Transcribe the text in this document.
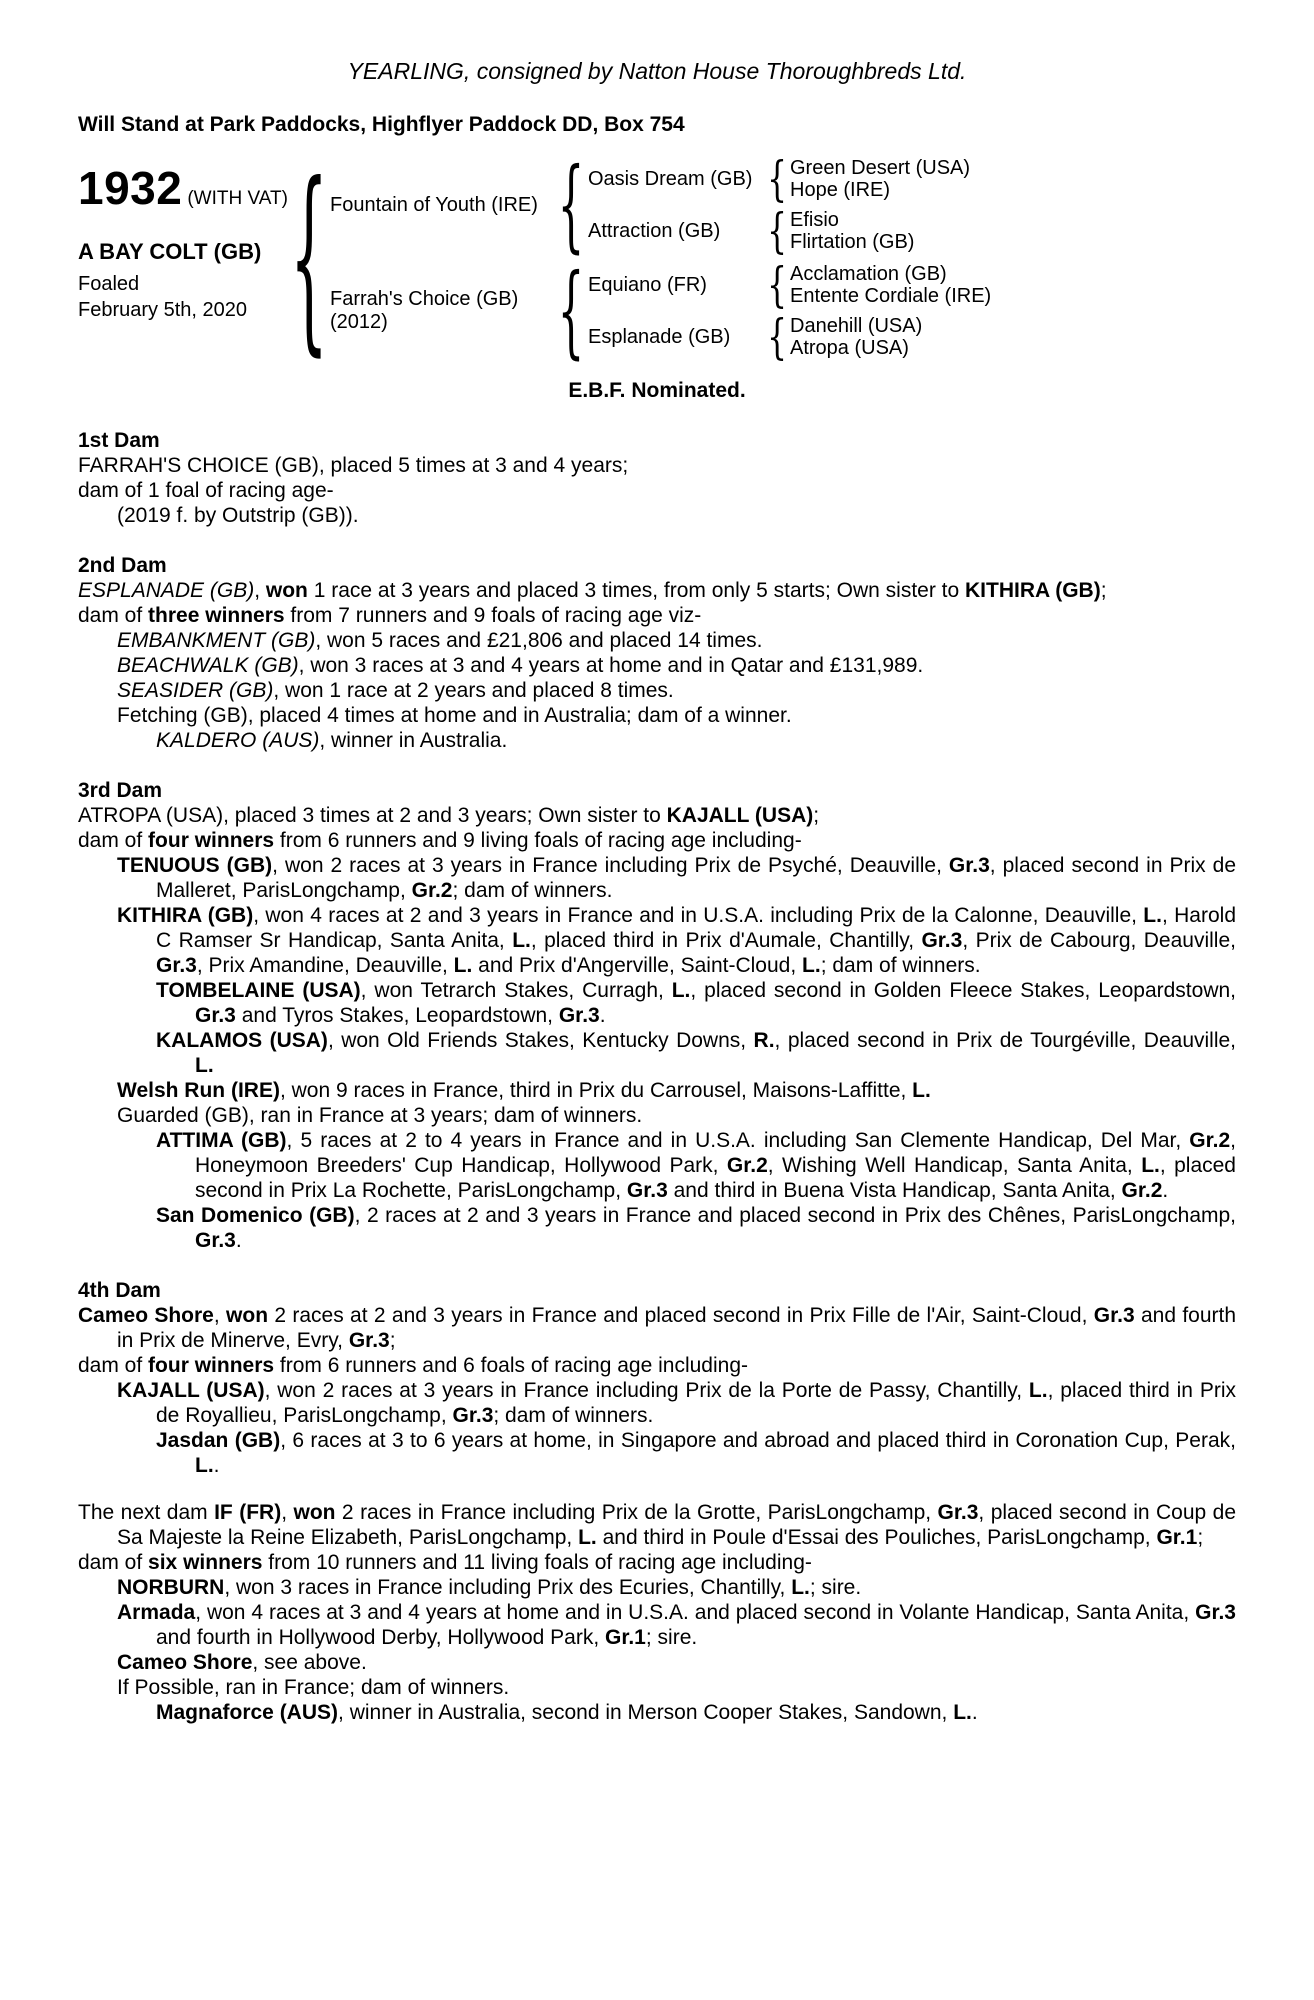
YEARLING, consigned by Natton House Thoroughbreds Ltd.
Will Stand at Park Paddocks, Highflyer Paddock DD, Box 754
1932 (WITH VAT)
A BAY COLT (GB)
Foaled
February 5th, 2020 { Fountain of Youth (IRE) { Oasis Dream (GB) { Green Desert (USA)
Hope (IRE)
Attraction (GB) { Efisio
Flirtation (GB)
Farrah's Choice (GB)
(2012)	{ Equiano (FR)	{ Acclamation (GB)
Entente Cordiale (IRE)
Esplanade (GB) { Danehill (USA)
Atropa (USA)
E.B.F. Nominated.
1st Dam

FARRAH'S CHOICE (GB), placed 5 times at 3 and 4 years;

dam of 1 foal of racing age-

(2019 f. by Outstrip (GB)).

2nd Dam

ESPLANADE (GB), won 1 race at 3 years and placed 3 times, from only 5 starts; Own sister to KITHIRA (GB);

dam of three winners from 7 runners and 9 foals of racing age viz-

EMBANKMENT (GB), won 5 races and £21,806 and placed 14 times.

BEACHWALK (GB), won 3 races at 3 and 4 years at home and in Qatar and £131,989.

SEASIDER (GB), won 1 race at 2 years and placed 8 times.

Fetching (GB), placed 4 times at home and in Australia; dam of a winner.

KALDERO (AUS), winner in Australia.

3rd Dam

ATROPA (USA), placed 3 times at 2 and 3 years; Own sister to KAJALL (USA);

dam of four winners from 6 runners and 9 living foals of racing age including-

TENUOUS (GB), won 2 races at 3 years in France including Prix de Psyché, Deauville, Gr.3, placed second in Prix de Malleret, ParisLongchamp, Gr.2; dam of winners.

KITHIRA (GB), won 4 races at 2 and 3 years in France and in U.S.A. including Prix de la Calonne, Deauville, L., Harold C Ramser Sr Handicap, Santa Anita, L., placed third in Prix d'Aumale, Chantilly, Gr.3, Prix de Cabourg, Deauville, Gr.3, Prix Amandine, Deauville, L. and Prix d'Angerville, Saint-Cloud, L.; dam of winners.

TOMBELAINE (USA), won Tetrarch Stakes, Curragh, L., placed second in Golden Fleece Stakes, Leopardstown, Gr.3 and Tyros Stakes, Leopardstown, Gr.3.

KALAMOS (USA), won Old Friends Stakes, Kentucky Downs, R., placed second in Prix de Tourgéville, Deauville, L.

Welsh Run (IRE), won 9 races in France, third in Prix du Carrousel, Maisons-Laffitte, L.

Guarded (GB), ran in France at 3 years; dam of winners.

ATTIMA (GB), 5 races at 2 to 4 years in France and in U.S.A. including San Clemente Handicap, Del Mar, Gr.2, Honeymoon Breeders' Cup Handicap, Hollywood Park, Gr.2, Wishing Well Handicap, Santa Anita, L., placed second in Prix La Rochette, ParisLongchamp, Gr.3 and third in Buena Vista Handicap, Santa Anita, Gr.2.

San Domenico (GB), 2 races at 2 and 3 years in France and placed second in Prix des Chênes, ParisLongchamp, Gr.3.

4th Dam

Cameo Shore, won 2 races at 2 and 3 years in France and placed second in Prix Fille de l'Air, Saint-Cloud, Gr.3 and fourth in Prix de Minerve, Evry, Gr.3;

dam of four winners from 6 runners and 6 foals of racing age including-

KAJALL (USA), won 2 races at 3 years in France including Prix de la Porte de Passy, Chantilly, L., placed third in Prix de Royallieu, ParisLongchamp, Gr.3; dam of winners.

Jasdan (GB), 6 races at 3 to 6 years at home, in Singapore and abroad and placed third in Coronation Cup, Perak, L..

The next dam IF (FR), won 2 races in France including Prix de la Grotte, ParisLongchamp, Gr.3, placed second in Coup de Sa Majeste la Reine Elizabeth, ParisLongchamp, L. and third in Poule d'Essai des Pouliches, ParisLongchamp, Gr.1;

dam of six winners from 10 runners and 11 living foals of racing age including-

NORBURN, won 3 races in France including Prix des Ecuries, Chantilly, L.; sire.

Armada, won 4 races at 3 and 4 years at home and in U.S.A. and placed second in Volante Handicap, Santa Anita, Gr.3 and fourth in Hollywood Derby, Hollywood Park, Gr.1; sire.

Cameo Shore, see above.

If Possible, ran in France; dam of winners.

Magnaforce (AUS), winner in Australia, second in Merson Cooper Stakes, Sandown, L..
